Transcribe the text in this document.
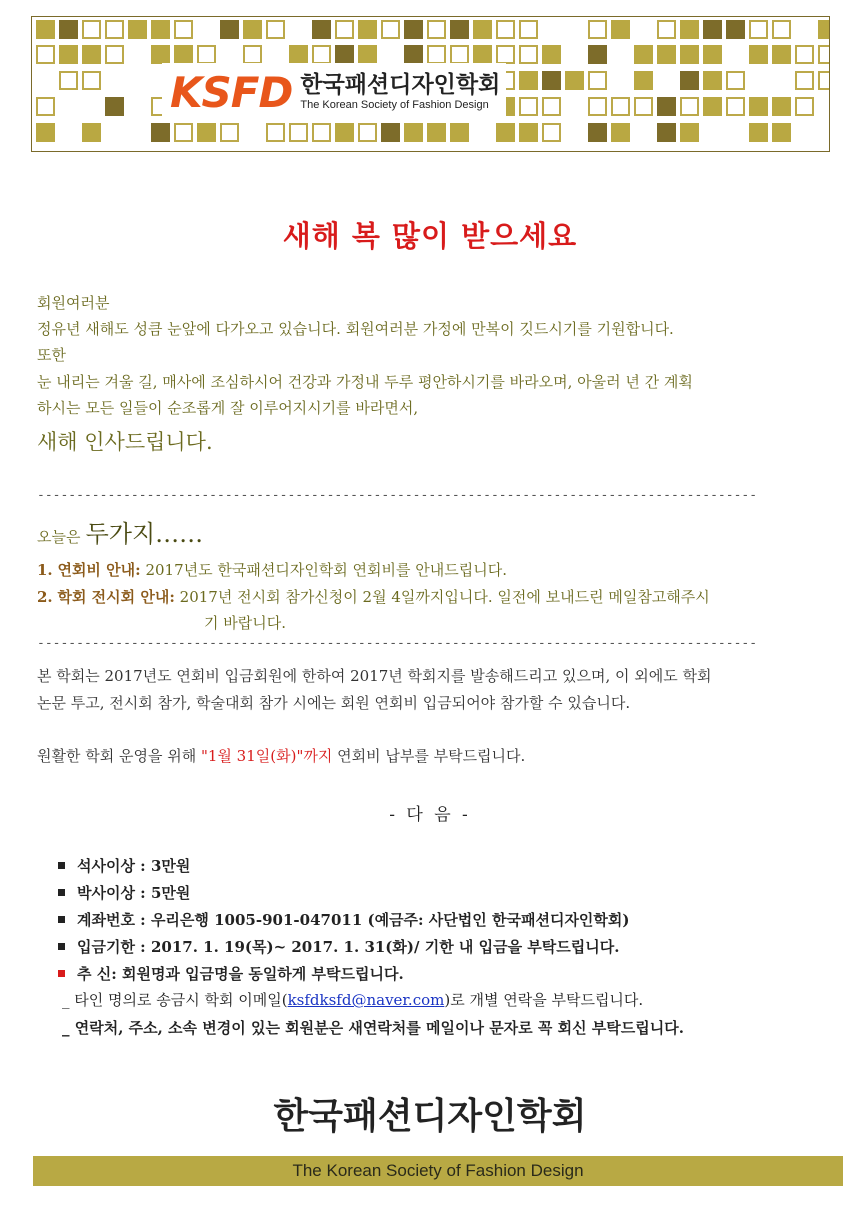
KSFD 한국패션디자인학회
The Korean Society of Fashion Design
새해 복 많이 받으세요

회원여러분

정유년 새해도 성큼 눈앞에 다가오고 있습니다. 회원여러분 가정에 만복이 깃드시기를 기원합니다.

또한

눈 내리는 겨울 길, 매사에 조심하시어 건강과 가정내 두루 평안하시기를 바라오며, 아울러 년 간 계획

하시는 모든 일들이 순조롭게 잘 이루어지시기를 바라면서,

새해 인사드립니다.

--------------------------------------------------------------------------------------------

오늘은 두가지……

1. 연회비 안내: 2017년도 한국패션디자인학회 연회비를 안내드립니다.

2. 학회 전시회 안내: 2017년 전시회 참가신청이 2월 4일까지입니다. 일전에 보내드린 메일참고해주시

기 바랍니다.

--------------------------------------------------------------------------------------------

본 학회는 2017년도 연회비 입금회원에 한하여 2017년 학회지를 발송해드리고 있으며, 이 외에도 학회

논문 투고, 전시회 참가, 학술대회 참가 시에는 회원 연회비 입금되어야 참가할 수 있습니다.

원활한 학회 운영을 위해 "1월 31일(화)"까지 연회비 납부를 부탁드립니다.

- 다 음 -

석사이상 : 3만원
박사이상 : 5만원
계좌번호 : 우리은행 1005-901-047011 (예금주: 사단법인 한국패션디자인학회)
입금기한 : 2017. 1. 19(목)~ 2017. 1. 31(화)/ 기한 내 입금을 부탁드립니다.
추 신: 회원명과 입금명을 동일하게 부탁드립니다.

_ 타인 명의로 송금시 학회 이메일(ksfdksfd@naver.com)로 개별 연락을 부탁드립니다.

_ 연락처, 주소, 소속 변경이 있는 회원분은 새연락처를 메일이나 문자로 꼭 회신 부탁드립니다.

한국패션디자인학회

The Korean Society of Fashion Design
